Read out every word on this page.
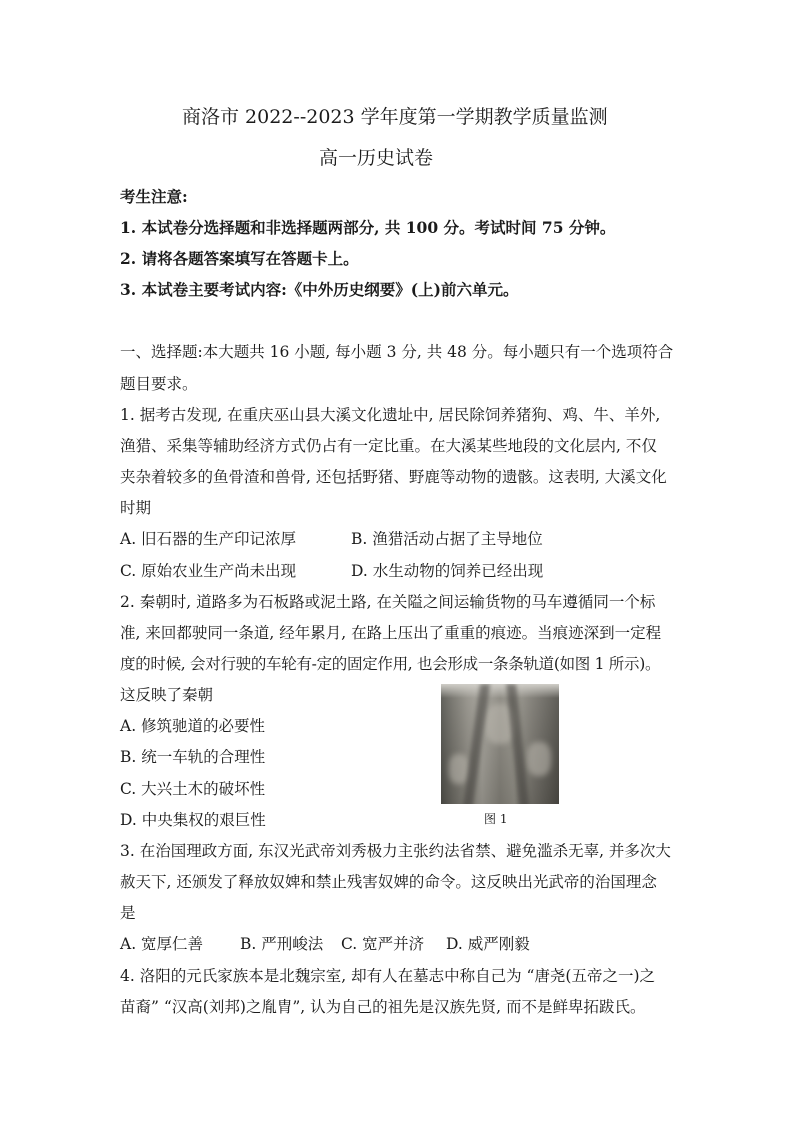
商洛市 2022--2023 学年度第一学期教学质量监测
高一历史试卷
考生注意:
1. 本试卷分选择题和非选择题两部分, 共 100 分。考试时间 75 分钟。
2. 请将各题答案填写在答题卡上。
3. 本试卷主要考试内容:《中外历史纲要》(上)前六单元。
一、选择题:本大题共 16 小题, 每小题 3 分, 共 48 分。每小题只有一个选项符合
题目要求。
1. 据考古发现, 在重庆巫山县大溪文化遗址中, 居民除饲养猪狗、鸡、牛、羊外,
渔猎、采集等辅助经济方式仍占有一定比重。在大溪某些地段的文化层内, 不仅
夹杂着较多的鱼骨渣和兽骨, 还包括野猪、野鹿等动物的遗骸。这表明, 大溪文化
时期
A. 旧石器的生产印记浓厚	B. 渔猎活动占据了主导地位
C. 原始农业生产尚未出现	D. 水生动物的饲养已经出现
2. 秦朝时, 道路多为石板路或泥土路, 在关隘之间运输货物的马车遵循同一个标
准, 来回都驶同一条道, 经年累月, 在路上压出了重重的痕迹。当痕迹深到一定程
度的时候, 会对行驶的车轮有-定的固定作用, 也会形成一条条轨道(如图 1 所示)。
这反映了秦朝
A. 修筑驰道的必要性
B. 统一车轨的合理性
C. 大兴土木的破坏性
D. 中央集权的艰巨性	图 1
3. 在治国理政方面, 东汉光武帝刘秀极力主张约法省禁、避免滥杀无辜, 并多次大
赦天下, 还颁发了释放奴婢和禁止残害奴婢的命令。这反映出光武帝的治国理念
是
A. 宽厚仁善 B. 严刑峻法 C. 宽严并济 D. 威严刚毅
4. 洛阳的元氏家族本是北魏宗室, 却有人在墓志中称自己为 “唐尧(五帝之一)之
苗裔” “汉高(刘邦)之胤胄”, 认为自己的祖先是汉族先贤, 而不是鲜卑拓跋氏。
